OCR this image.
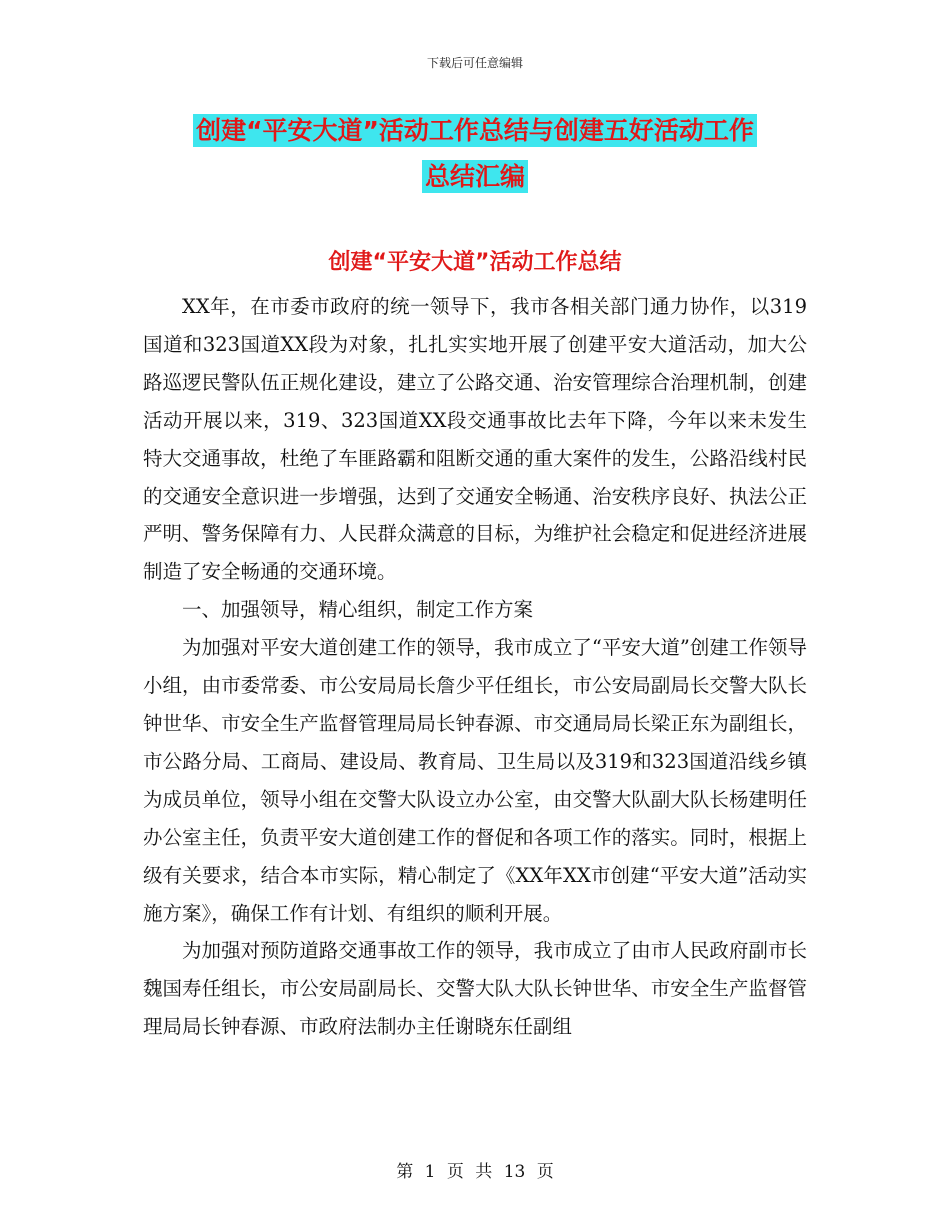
下载后可任意编辑
创建“平安大道”活动工作总结与创建五好活动工作
总结汇编
创建“平安大道”活动工作总结

XX年，在市委市政府的统一领导下，我市各相关部门通力协作，以319国道和323国道XX段为对象，扎扎实实地开展了创建平安大道活动，加大公路巡逻民警队伍正规化建设，建立了公路交通、治安管理综合治理机制，创建活动开展以来，319、323国道XX段交通事故比去年下降，今年以来未发生特大交通事故，杜绝了车匪路霸和阻断交通的重大案件的发生，公路沿线村民的交通安全意识进一步增强，达到了交通安全畅通、治安秩序良好、执法公正严明、警务保障有力、人民群众满意的目标，为维护社会稳定和促进经济进展制造了安全畅通的交通环境。

一、加强领导，精心组织，制定工作方案

为加强对平安大道创建工作的领导，我市成立了“平安大道”创建工作领导小组，由市委常委、市公安局局长詹少平任组长，市公安局副局长交警大队长钟世华、市安全生产监督管理局局长钟春源、市交通局局长梁正东为副组长，市公路分局、工商局、建设局、教育局、卫生局以及319和323国道沿线乡镇为成员单位，领导小组在交警大队设立办公室，由交警大队副大队长杨建明任办公室主任，负责平安大道创建工作的督促和各项工作的落实。同时，根据上级有关要求，结合本市实际，精心制定了《XX年XX市创建“平安大道”活动实施方案》，确保工作有计划、有组织的顺利开展。

为加强对预防道路交通事故工作的领导，我市成立了由市人民政府副市长魏国寿任组长，市公安局副局长、交警大队大队长钟世华、市安全生产监督管理局局长钟春源、市政府法制办主任谢晓东任副组

第 1 页 共 13 页
